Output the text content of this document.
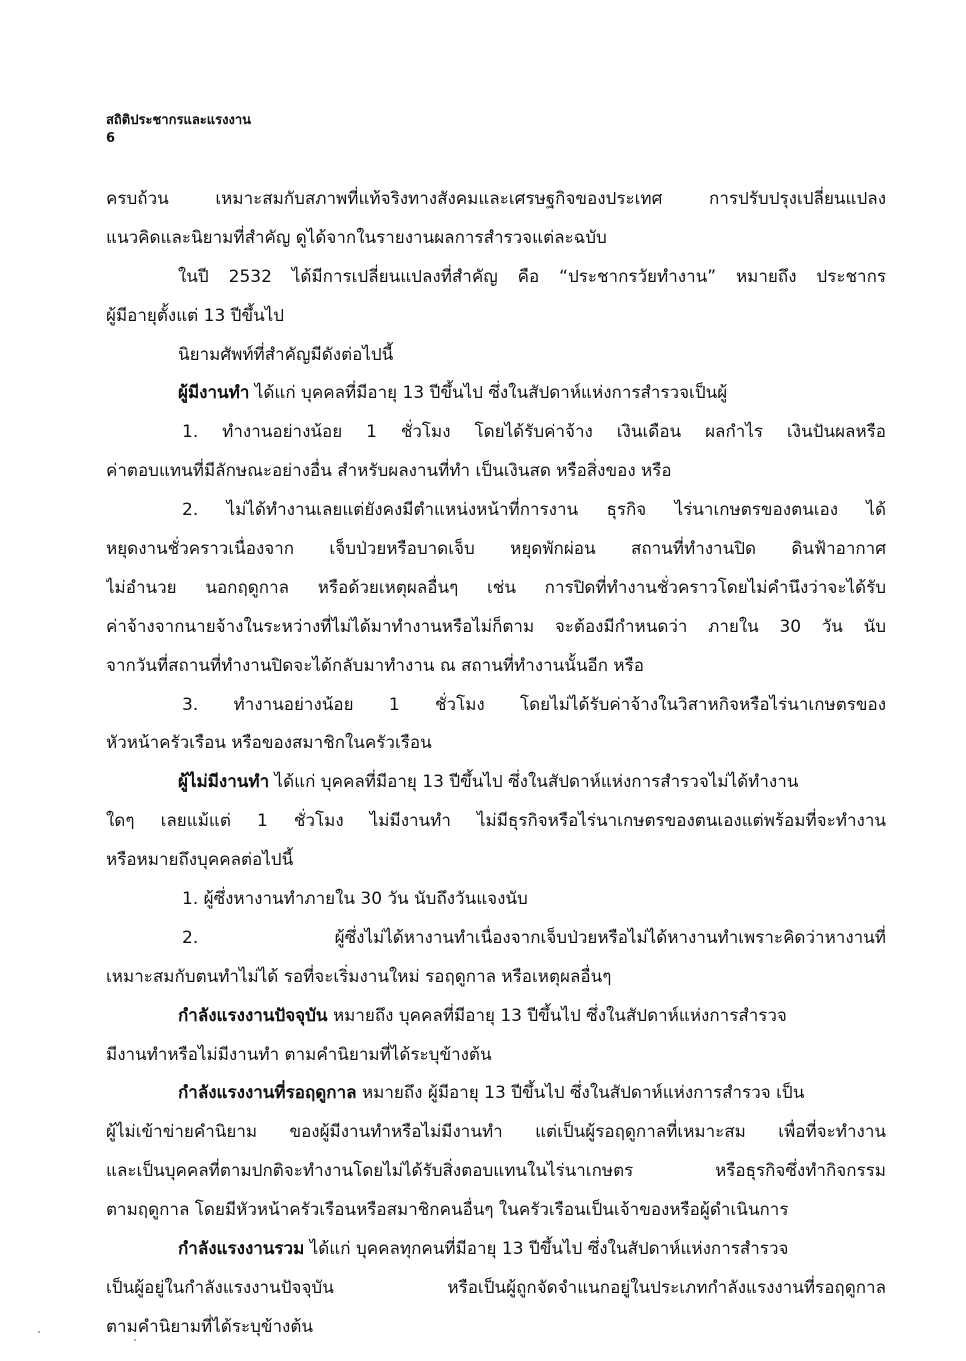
สถิติประชากรและแรงงาน
6
ครบถ้วน เหมาะสมกับสภาพที่แท้จริงทางสังคมและเศรษฐกิจของประเทศ การปรับปรุงเปลี่ยนแปลง
แนวคิดและนิยามที่สำคัญ ดูได้จากในรายงานผลการสำรวจแต่ละฉบับ
ในปี 2532 ได้มีการเปลี่ยนแปลงที่สำคัญ คือ “ประชากรวัยทำงาน” หมายถึง ประชากร
ผู้มีอายุตั้งแต่ 13 ปีขึ้นไป
นิยามศัพท์ที่สำคัญมีดังต่อไปนี้
ผู้มีงานทำ ได้แก่ บุคคลที่มีอายุ 13 ปีขึ้นไป ซึ่งในสัปดาห์แห่งการสำรวจเป็นผู้
1. ทำงานอย่างน้อย 1 ชั่วโมง โดยได้รับค่าจ้าง เงินเดือน ผลกำไร เงินปันผลหรือ
ค่าตอบแทนที่มีลักษณะอย่างอื่น สำหรับผลงานที่ทำ เป็นเงินสด หรือสิ่งของ หรือ
2. ไม่ได้ทำงานเลยแต่ยังคงมีตำแหน่งหน้าที่การงาน ธุรกิจ ไร่นาเกษตรของตนเอง ได้
หยุดงานชั่วคราวเนื่องจาก เจ็บป่วยหรือบาดเจ็บ หยุดพักผ่อน สถานที่ทำงานปิด ดินฟ้าอากาศ
ไม่อำนวย นอกฤดูกาล หรือด้วยเหตุผลอื่นๆ เช่น การปิดที่ทำงานชั่วคราวโดยไม่คำนึงว่าจะได้รับ
ค่าจ้างจากนายจ้างในระหว่างที่ไม่ได้มาทำงานหรือไม่ก็ตาม จะต้องมีกำหนดว่า ภายใน 30 วัน นับ
จากวันที่สถานที่ทำงานปิดจะได้กลับมาทำงาน ณ สถานที่ทำงานนั้นอีก หรือ
3. ทำงานอย่างน้อย 1 ชั่วโมง โดยไม่ได้รับค่าจ้างในวิสาหกิจหรือไร่นาเกษตรของ
หัวหน้าครัวเรือน หรือของสมาชิกในครัวเรือน
ผู้ไม่มีงานทำ ได้แก่ บุคคลที่มีอายุ 13 ปีขึ้นไป ซึ่งในสัปดาห์แห่งการสำรวจไม่ได้ทำงาน
ใดๆ เลยแม้แต่ 1 ชั่วโมง ไม่มีงานทำ ไม่มีธุรกิจหรือไร่นาเกษตรของตนเองแต่พร้อมที่จะทำงาน
หรือหมายถึงบุคคลต่อไปนี้
1. ผู้ซึ่งหางานทำภายใน 30 วัน นับถึงวันแจงนับ
2. ผู้ซึ่งไม่ได้หางานทำเนื่องจากเจ็บป่วยหรือไม่ได้หางานทำเพราะคิดว่าหางานที่
เหมาะสมกับตนทำไม่ได้ รอที่จะเริ่มงานใหม่ รอฤดูกาล หรือเหตุผลอื่นๆ
กำลังแรงงานปัจจุบัน หมายถึง บุคคลที่มีอายุ 13 ปีขึ้นไป ซึ่งในสัปดาห์แห่งการสำรวจ
มีงานทำหรือไม่มีงานทำ ตามคำนิยามที่ได้ระบุข้างต้น
กำลังแรงงานที่รอฤดูกาล หมายถึง ผู้มีอายุ 13 ปีขึ้นไป ซึ่งในสัปดาห์แห่งการสำรวจ เป็น
ผู้ไม่เข้าข่ายคำนิยาม ของผู้มีงานทำหรือไม่มีงานทำ แต่เป็นผู้รอฤดูกาลที่เหมาะสม เพื่อที่จะทำงาน
และเป็นบุคคลที่ตามปกติจะทำงานโดยไม่ได้รับสิ่งตอบแทนในไร่นาเกษตร หรือธุรกิจซึ่งทำกิจกรรม
ตามฤดูกาล โดยมีหัวหน้าครัวเรือนหรือสมาชิกคนอื่นๆ ในครัวเรือนเป็นเจ้าของหรือผู้ดำเนินการ
กำลังแรงงานรวม ได้แก่ บุคคลทุกคนที่มีอายุ 13 ปีขึ้นไป ซึ่งในสัปดาห์แห่งการสำรวจ
เป็นผู้อยู่ในกำลังแรงงานปัจจุบัน หรือเป็นผู้ถูกจัดจำแนกอยู่ในประเภทกำลังแรงงานที่รอฤดูกาล
ตามคำนิยามที่ได้ระบุข้างต้น
